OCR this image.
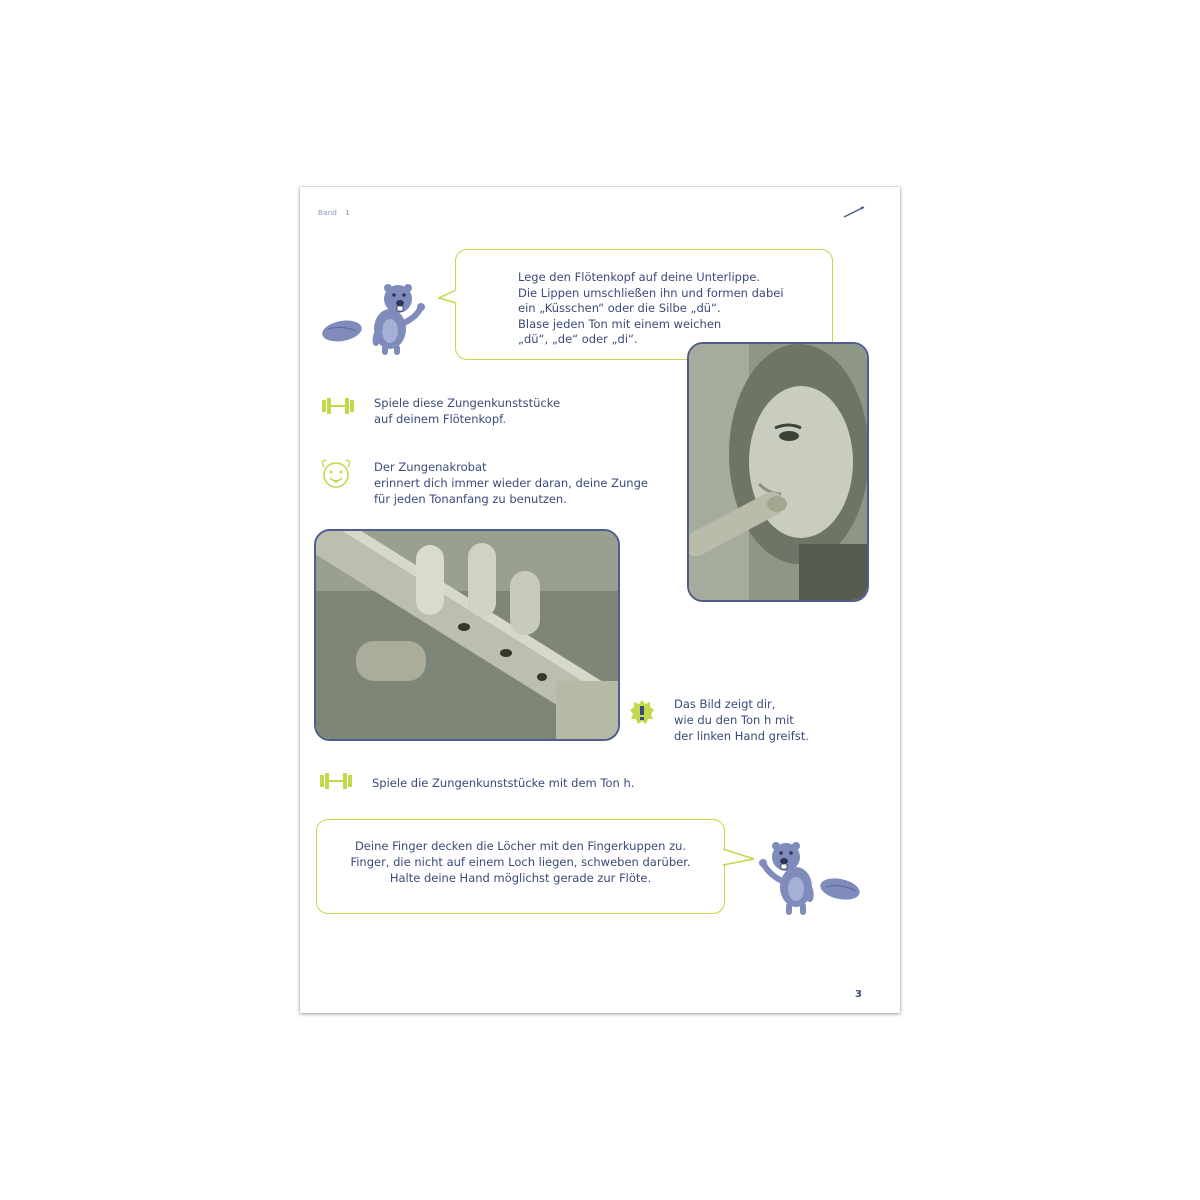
Band 1
Lege den Flötenkopf auf deine Unterlippe.
Die Lippen umschließen ihn und formen dabei
ein „Küsschen“ oder die Silbe „dü“.
Blase jeden Ton mit einem weichen
„dü“, „de“ oder „di“.
Spiele diese Zungenkunststücke
auf deinem Flötenkopf.
Der Zungenakrobat
erinnert dich immer wieder daran, deine Zunge
für jeden Tonanfang zu benutzen.
Das Bild zeigt dir,
wie du den Ton h mit
der linken Hand greifst.
Spiele die Zungenkunststücke mit dem Ton h.
Deine Finger decken die Löcher mit den Fingerkuppen zu.
Finger, die nicht auf einem Loch liegen, schweben darüber.
Halte deine Hand möglichst gerade zur Flöte.
3
